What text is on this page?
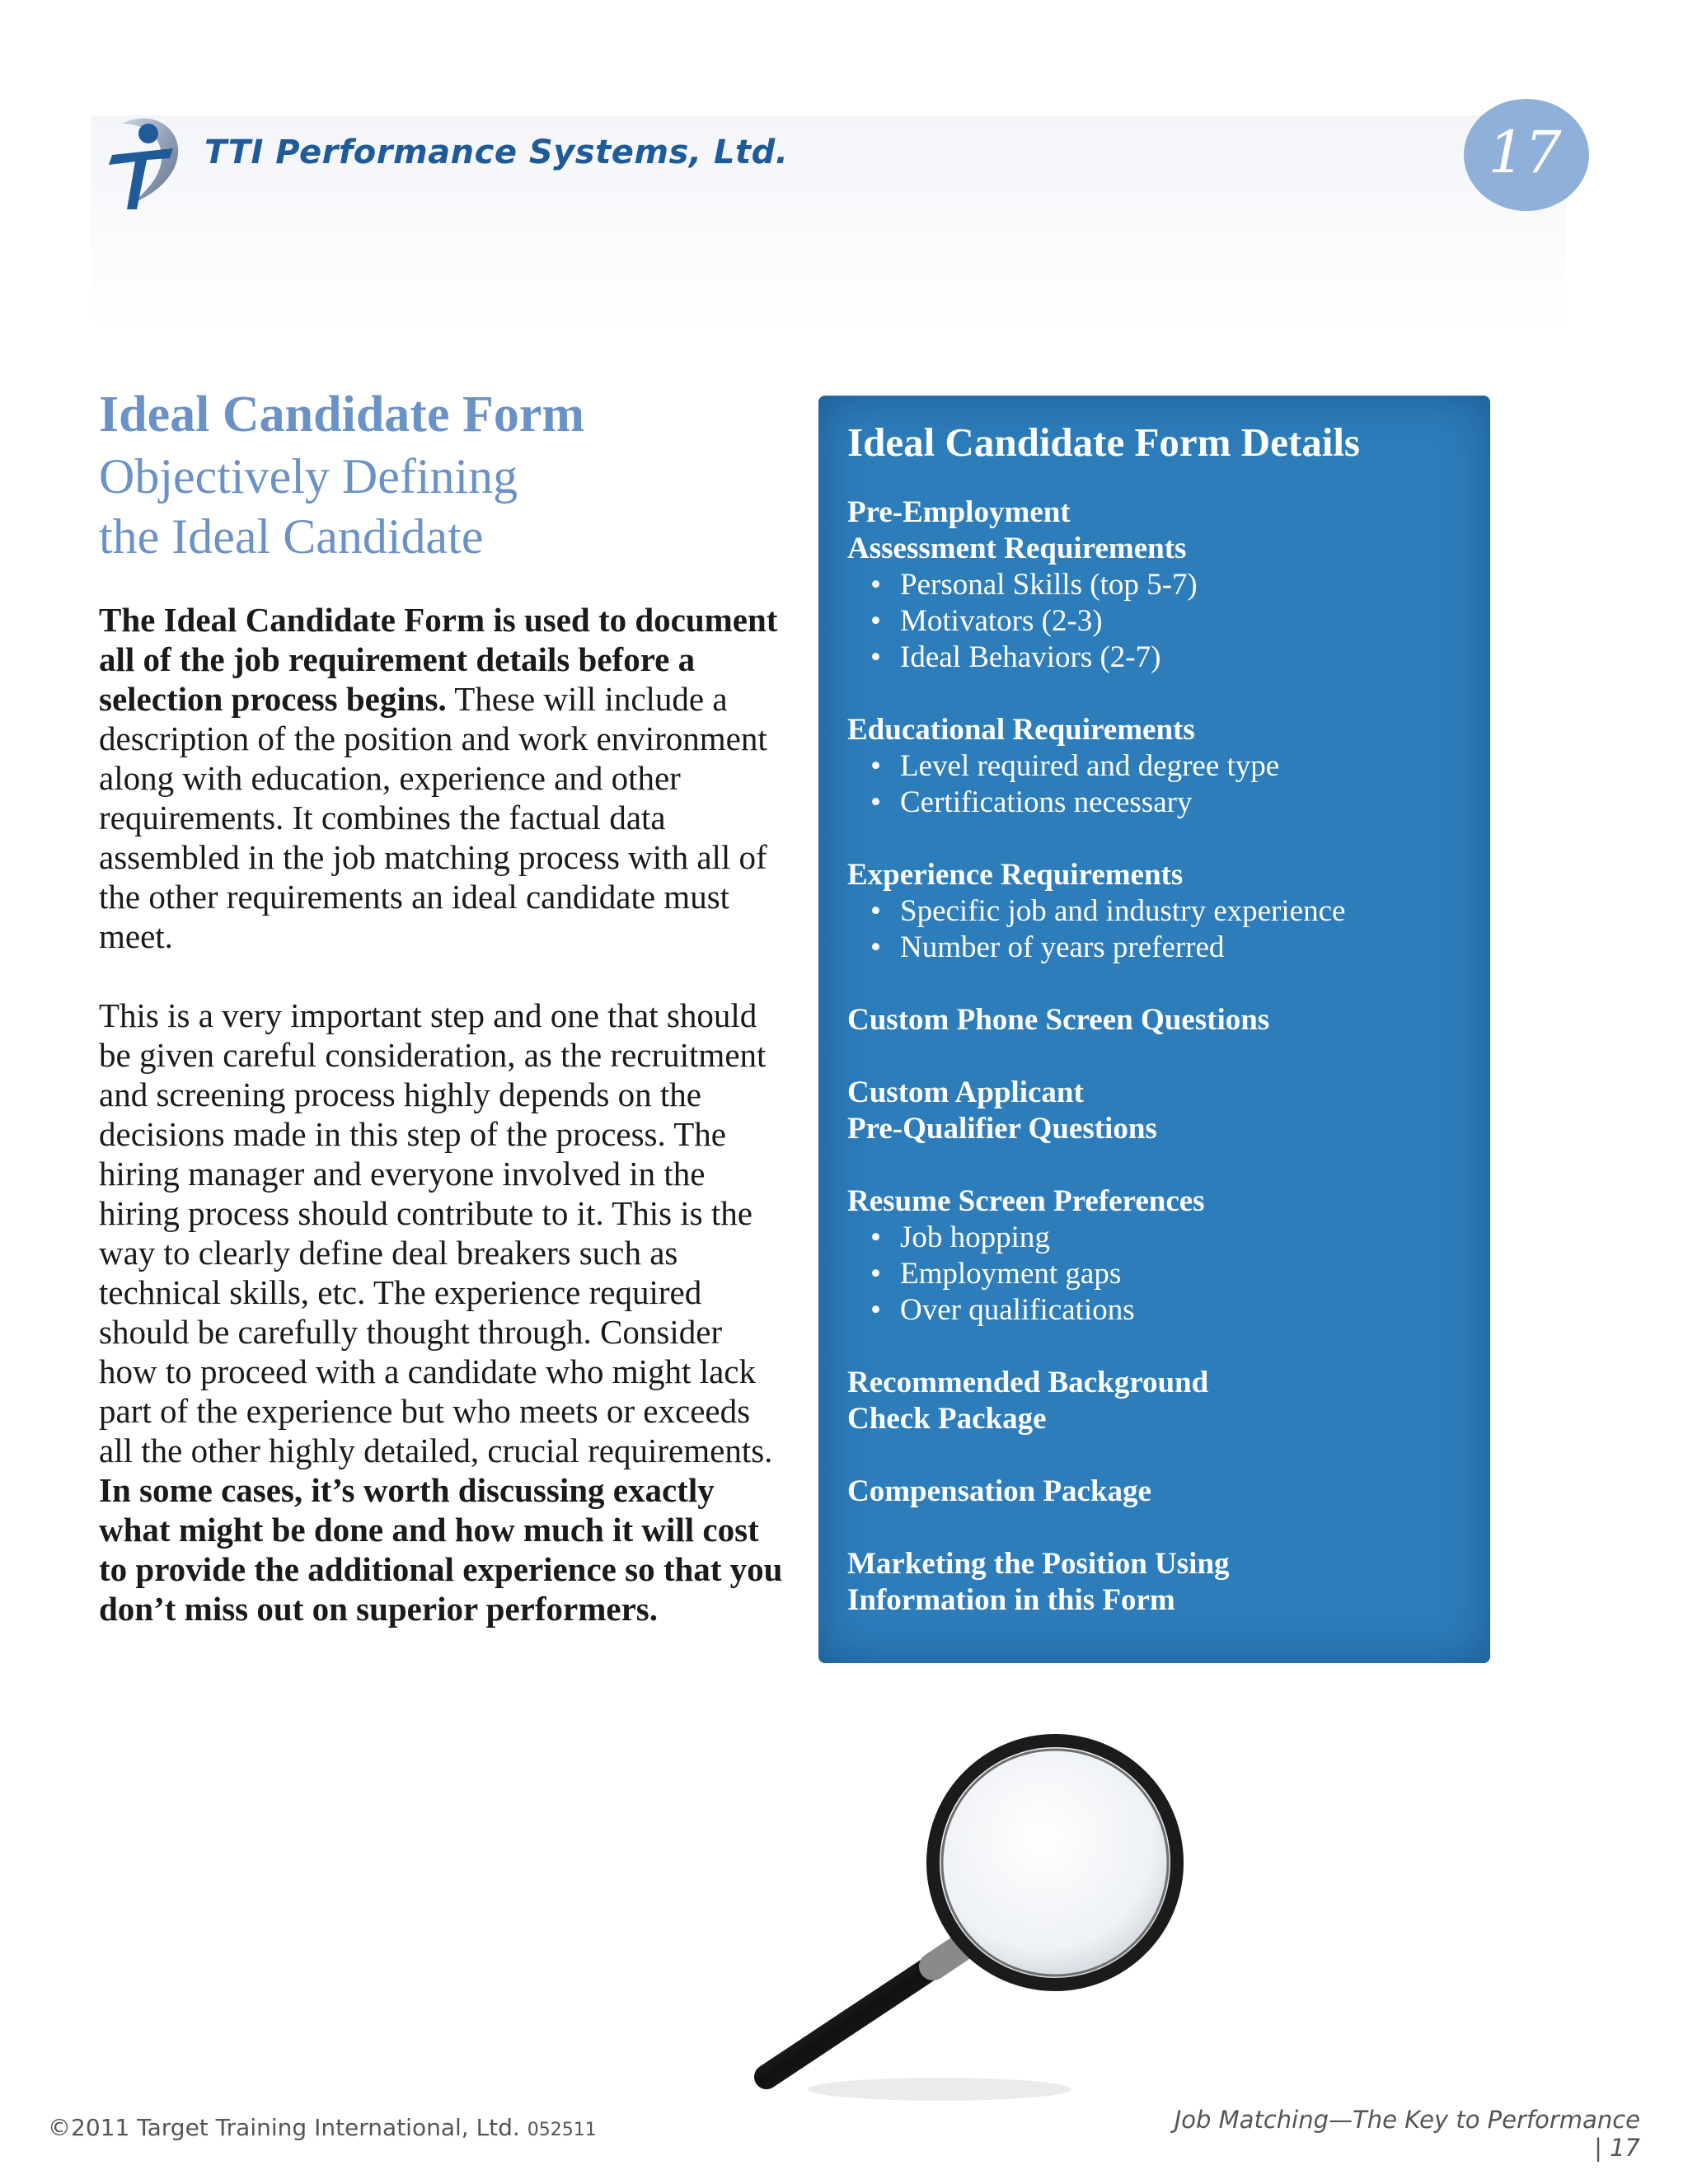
TTI Performance Systems, Ltd.	17
Ideal Candidate Form
Objectively Defining
the Ideal Candidate

The Ideal Candidate Form is used to document all of the job requirement details before a selection process begins. These will include a description of the position and work environment along with education, experience and other requirements. It combines the factual data assembled in the job matching process with all of the other requirements an ideal candidate must meet.

This is a very important step and one that should be given careful consideration, as the recruitment and screening process highly depends on the decisions made in this step of the process. The hiring manager and everyone involved in the hiring process should contribute to it. This is the way to clearly define deal breakers such as technical skills, etc. The experience required should be carefully thought through. Consider how to proceed with a candidate who might lack part of the experience but who meets or exceeds all the other highly detailed, crucial requirements. In some cases, it’s worth discussing exactly what might be done and how much it will cost to provide the additional experience so that you don’t miss out on superior performers.

Ideal Candidate Form Details
Pre-Employment
Assessment Requirements
• Personal Skills (top 5-7)
• Motivators (2-3)
• Ideal Behaviors (2-7)
Educational Requirements
• Level required and degree type
• Certifications necessary
Experience Requirements
• Specific job and industry experience
• Number of years preferred
Custom Phone Screen Questions
Custom Applicant
Pre-Qualifier Questions
Resume Screen Preferences
• Job hopping
• Employment gaps
• Over qualifications
Recommended Background
Check Package
Compensation Package
Marketing the Position Using
Information in this Form
©2011 Target Training International, Ltd. 052511	Job Matching—The Key to Performance | 17
